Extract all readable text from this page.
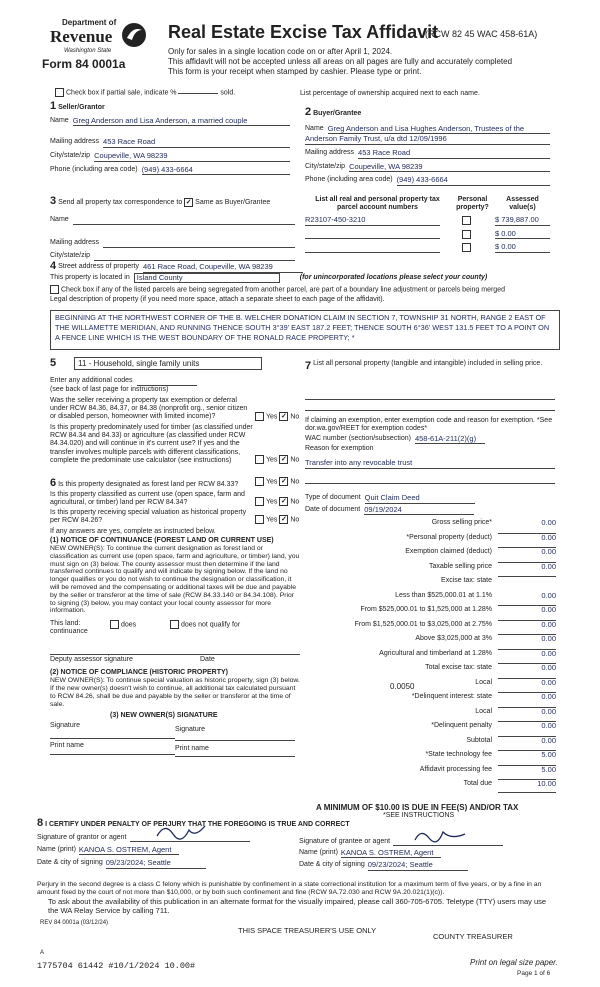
Department of
Revenue
Washington State
Form 84 0001a
Real Estate Excise Tax Affidavit
(RCW 82 45 WAC 458-61A)
Only for sales in a single location code on or after April 1, 2024.
This affidavit will not be accepted unless all areas on all pages are fully and accurately completed
This form is your receipt when stamped by cashier. Please type or print.
Check box if partial sale, indicate %	sold.	List percentage of ownership acquired next to each name.
1 Seller/Grantor
Name Greg Anderson and Lisa Anderson, a married couple
Mailing address 453 Race Road
City/state/zip Coupeville, WA 98239
Phone (including area code) (949) 433-6664
2 Buyer/Grantee
Name Greg Anderson and Lisa Hughes Anderson, Trustees of the
Anderson Family Trust, u/a dtd 12/09/1996
Mailing address 453 Race Road
City/state/zip Coupeville, WA 98239
Phone (including area code) (949) 433-6664
3 Send all property tax correspondence to ✓ Same as Buyer/Grantee
Name
Mailing address
City/state/zip
List all real and personal property tax parcel account numbers
Personal property?
Assessed value(s)
R23107-450-3210	$ 739,887.00
$ 0.00
$ 0.00
4
Street address of property 461 Race Road, Coupeville, WA 98239
This property is located in Island County	(for unincorporated locations please select your county)
Check box if any of the listed parcels are being segregated from another parcel, are part of a boundary line adjustment or parcels being merged
Legal description of property (if you need more space, attach a separate sheet to each page of the affidavit).
BEGINNING AT THE NORTHWEST CORNER OF THE B. WELCHER DONATION CLAIM IN SECTION 7, TOWNSHIP 31 NORTH, RANGE 2 EAST OF THE WILLAMETTE MERIDIAN, AND RUNNING THENCE SOUTH 3°39' EAST 187.2 FEET; THENCE SOUTH 6°36' WEST 131.5 FEET TO A POINT ON A FENCE LINE WHICH IS THE WEST BOUNDARY OF THE RONALD RACE PROPERTY; *
5	11 - Household, single family units
Enter any additional codes
(see back of last page for instructions)
Was the seller receiving a property tax exemption or deferral under RCW 84.36, 84.37, or 84.38 (nonprofit org., senior citizen or disabled person, homeowner with limited income)?	Yes ✓ No
Is this property predominately used for timber (as classified under RCW 84.34 and 84.33) or agriculture (as classified under RCW 84.34.020) and will continue in it's current use? If yes and the transfer involves multiple parcels with different classifications, complete the predominate use calculator (see instructions)	Yes ✓ No
7
List all personal property (tangible and intangible) included in selling price.
If claiming an exemption, enter exemption code and reason for exemption. *See dor.wa.gov/REET for exemption codes*
WAC number (section/subsection) 458-61A-211(2)(g)
Reason for exemption
Transfer into any revocable trust
Type of document Quit Claim Deed
Date of document 09/19/2024
6 Is this property designated as forest land per RCW 84.33?	Yes ✓ No
Is this property classified as current use (open space, farm and agricultural, or timber) land per RCW 84.34?	Yes ✓ No
Is this property receiving special valuation as historical property per RCW 84.26?	Yes ✓ No
If any answers are yes, complete as instructed below.
(1) NOTICE OF CONTINUANCE (FOREST LAND OR CURRENT USE)
NEW OWNER(S): To continue the current designation as forest land or classification as current use (open space, farm and agriculture, or timber) land, you must sign on (3) below. The county assessor must then determine if the land transferred continues to qualify and will indicate by signing below. If the land no longer qualifies or you do not wish to continue the designation or classification, it will be removed and the compensating or additional taxes will be due and payable by the seller or transferor at the time of sale (RCW 84.33.140 or 84.34.108). Prior to signing (3) below, you may contact your local county assessor for more information.
This land:
continuance
does	does not qualify for
Deputy assessor signature	Date
(2) NOTICE OF COMPLIANCE (HISTORIC PROPERTY)
NEW OWNER(S): To continue special valuation as historic property, sign (3) below. If the new owner(s) doesn't wish to continue, all additional tax calculated pursuant to RCW 84.26, shall be due and payable by the seller or transferor at the time of sale.
(3) NEW OWNER(S) SIGNATURE
Signature
Signature
Print name	Print name
Gross selling price*	0.00
*Personal property (deduct)	0.00
Exemption claimed (deduct)	0.00
Taxable selling price	0.00
Excise tax: state
Less than $525,000.01 at 1.1%	0.00
From $525,000.01 to $1,525,000 at 1.28%	0.00
From $1,525,000.01 to $3,025,000 at 2.75%	0.00
Above $3,025,000 at 3%	0.00
Agricultural and timberland at 1.28%	0.00
Total excise tax: state	0.00
Local	0.00
*Delinquent interest: state	0.00
Local	0.00
*Delinquent penalty	0.00
Subtotal	0.00
*State technology fee	5.00
Affidavit processing fee	5.00
Total due	10.00
0.0050
A MINIMUM OF $10.00 IS DUE IN FEE(S) AND/OR TAX
*SEE INSTRUCTIONS
8 I CERTIFY UNDER PENALTY OF PERJURY THAT THE FOREGOING IS TRUE AND CORRECT
Signature of grantor or agent
Name (print) KANOA S. OSTREM, Agent
Date & city of signing 09/23/2024; Seattle
Signature of grantee or agent
Name (print) KANOA S. OSTREM, Agent
Date & city of signing 09/23/2024; Seattle
Perjury in the second degree is a class C felony which is punishable by confinement in a state correctional institution for a maximum term of five years, or by a fine in an amount fixed by the court of not more than $10,000, or by both such confinement and fine (RCW 9A.72.030 and RCW 9A.20.021(1)(c)).
To ask about the availability of this publication in an alternate format for the visually impaired, please call 360-705-6705. Teletype (TTY) users may use the WA Relay Service by calling 711.
REV 84 0001a (03/12/24)
THIS SPACE TREASURER'S USE ONLY
COUNTY TREASURER
A
1775704 61442 #10/1/2024 10.00#	Print on legal size paper.
Page 1 of 6
